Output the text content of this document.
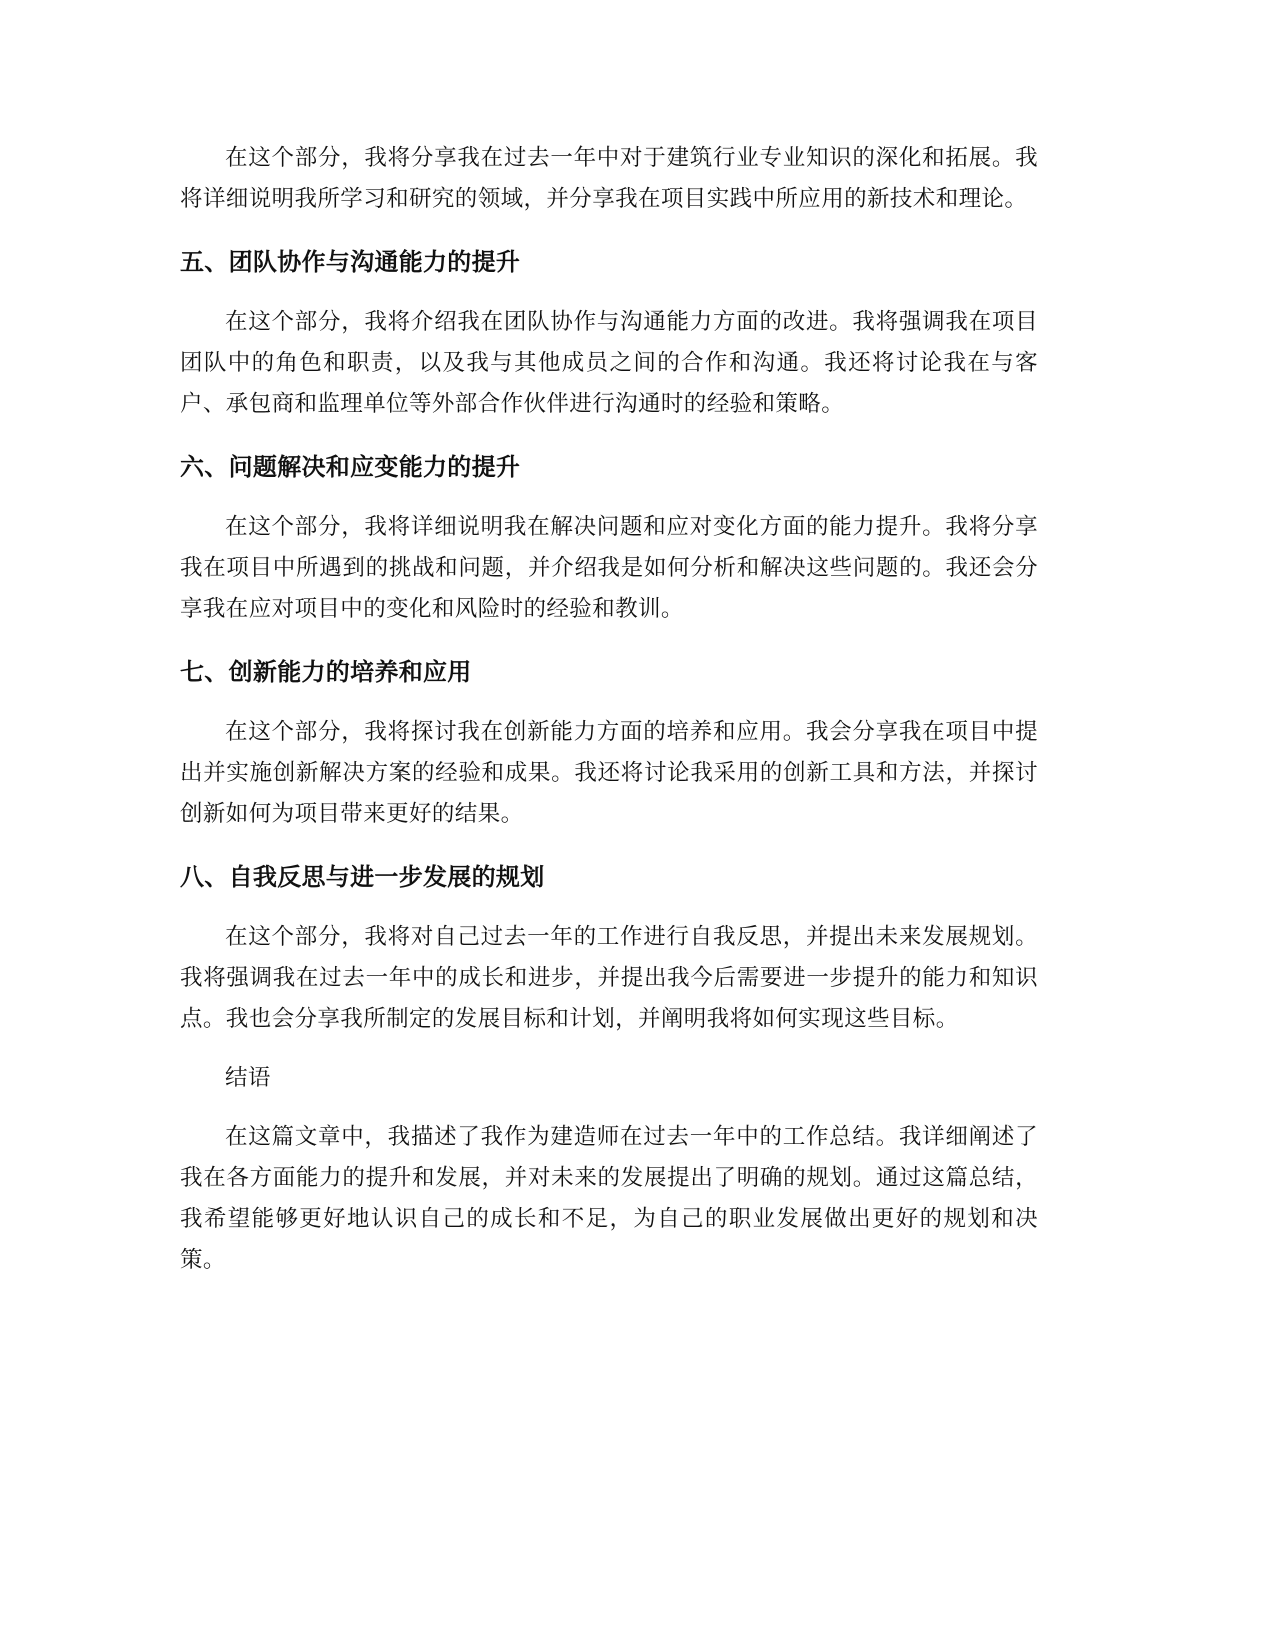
在这个部分，我将分享我在过去一年中对于建筑行业专业知识的深化和拓展。我将详细说明我所学习和研究的领域，并分享我在项目实践中所应用的新技术和理论。

五、团队协作与沟通能力的提升

在这个部分，我将介绍我在团队协作与沟通能力方面的改进。我将强调我在项目团队中的角色和职责，以及我与其他成员之间的合作和沟通。我还将讨论我在与客户、承包商和监理单位等外部合作伙伴进行沟通时的经验和策略。

六、问题解决和应变能力的提升

在这个部分，我将详细说明我在解决问题和应对变化方面的能力提升。我将分享我在项目中所遇到的挑战和问题，并介绍我是如何分析和解决这些问题的。我还会分享我在应对项目中的变化和风险时的经验和教训。

七、创新能力的培养和应用

在这个部分，我将探讨我在创新能力方面的培养和应用。我会分享我在项目中提出并实施创新解决方案的经验和成果。我还将讨论我采用的创新工具和方法，并探讨创新如何为项目带来更好的结果。

八、自我反思与进一步发展的规划

在这个部分，我将对自己过去一年的工作进行自我反思，并提出未来发展规划。我将强调我在过去一年中的成长和进步，并提出我今后需要进一步提升的能力和知识点。我也会分享我所制定的发展目标和计划，并阐明我将如何实现这些目标。

结语

在这篇文章中，我描述了我作为建造师在过去一年中的工作总结。我详细阐述了我在各方面能力的提升和发展，并对未来的发展提出了明确的规划。通过这篇总结，我希望能够更好地认识自己的成长和不足，为自己的职业发展做出更好的规划和决策。
